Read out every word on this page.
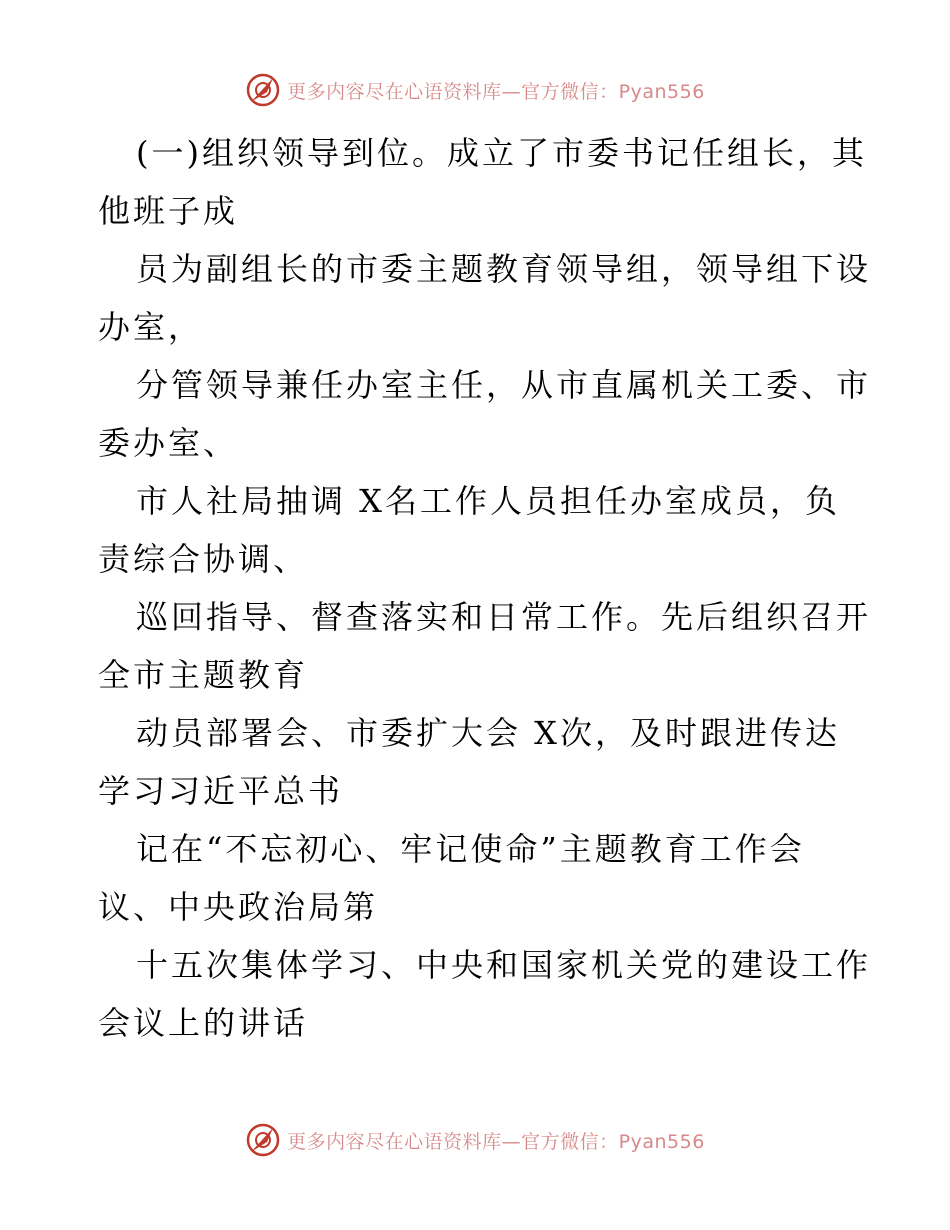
更多内容尽在心语资料库—官方微信：Pyan556

(一)组织领导到位。成立了市委书记任组长，其

他班子成

员为副组长的市委主题教育领导组，领导组下设

办室，

分管领导兼任办室主任，从市直属机关工委、市

委办室、

市人社局抽调 X名工作人员担任办室成员，负

责综合协调、

巡回指导、督查落实和日常工作。先后组织召开

全市主题教育

动员部署会、市委扩大会 X次，及时跟进传达

学习习近平总书

记在“不忘初心、牢记使命”主题教育工作会

议、中央政治局第

十五次集体学习、中央和国家机关党的建设工作

会议上的讲话

更多内容尽在心语资料库—官方微信：Pyan556
